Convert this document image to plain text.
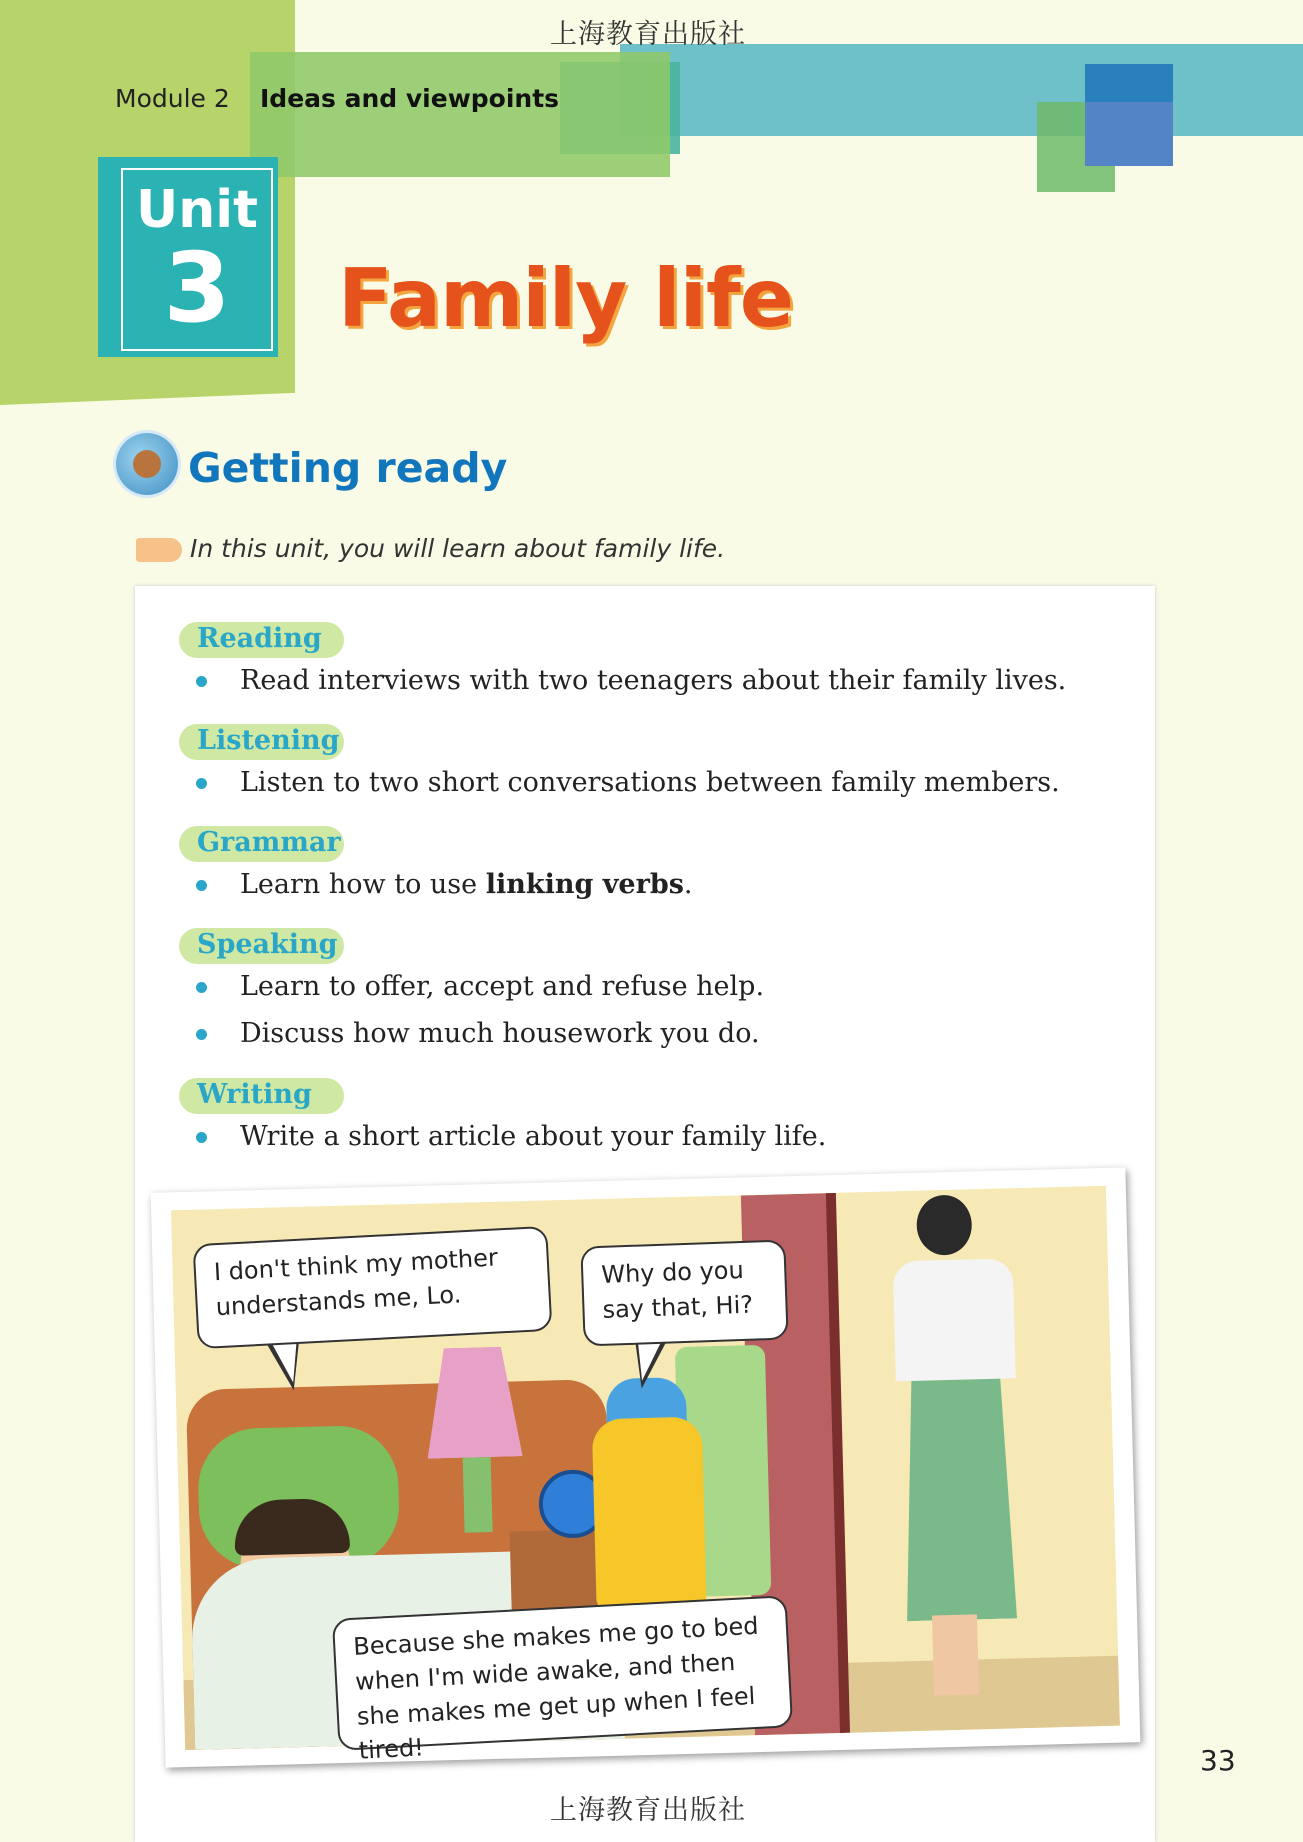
上海教育出版社
Module 2 Ideas and viewpoints
Unit
3	Family life
Getting ready
In this unit, you will learn about family life.
Reading
Read interviews with two teenagers about their family lives.
Listening
Listen to two short conversations between family members.
Grammar
Learn how to use linking verbs.
Speaking
Learn to offer, accept and refuse help.
Discuss how much housework you do.
Writing
Write a short article about your family life.
I don't think my mother understands me, Lo.
Why do you say that, Hi?
Because she makes me go to bed when I'm wide awake, and then she makes me get up when I feel tired!	33
上海教育出版社
